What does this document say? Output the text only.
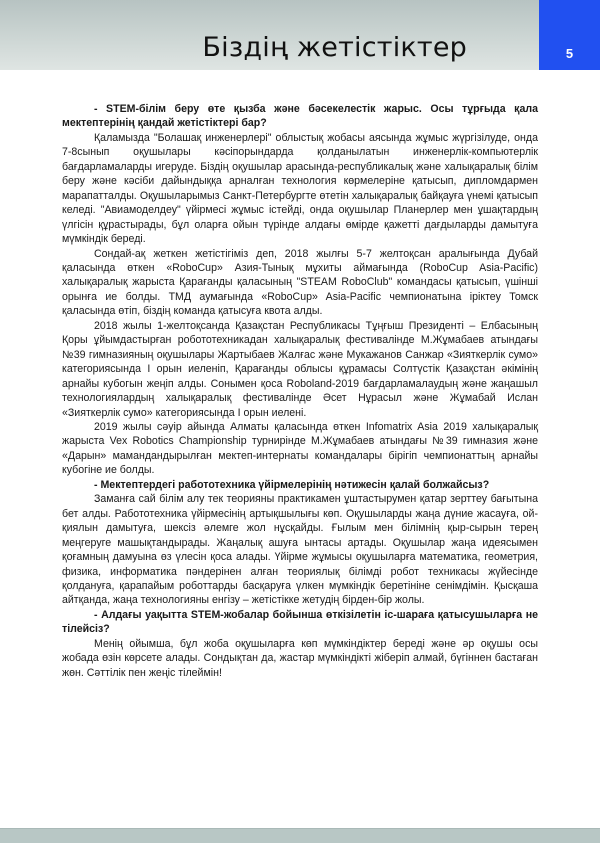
Біздің жетістіктер	5

- STEM-білім беру өте қызба және бәсекелестік жарыс. Осы тұрғыда қала мектептерінің қандай жетістіктері бар?

Қаламызда "Болашақ инженерлері" облыстық жобасы аясында жұмыс жүргізілуде, онда 7-8сынып оқушылары кәсіпорындарда қолданылатын инженерлік-компьютерлік бағдарламаларды игеруде. Біздің оқушылар арасында-республикалық және халықаралық білім беру және кәсіби дайындыққа арналған технология көрмелеріне қатысып, дипломдармен марапатталды. Оқушыларымыз Санкт-Петербургте өтетін халықаралық байқауға үнемі қатысып келеді. "Авиамоделдеу" үйірмесі жұмыс істейді, онда оқушылар Планерлер мен ұшақтардың үлгісін құрастырады, бұл оларға ойын түрінде алдағы өмірде қажетті дағдыларды дамытуға мүмкіндік береді.

Сондай-ақ жеткен жетістігіміз деп, 2018 жылғы 5-7 желтоқсан аралығында Дубай қаласында өткен «RoboCup» Азия-Тынық мұхиты аймағында (RoboCup Asia-Pacific) халықаралық жарыста Қарағанды қаласының "STEAM RoboClub" командасы қатысып, үшінші орынға ие болды. ТМД аумағында «RoboCup» Asia-Pacific чемпионатына іріктеу Томск қаласында өтіп, біздің команда қатысуға квота алды.

2018 жылы 1-желтоқсанда Қазақстан Республикасы Тұңғыш Президенті – Елбасының Қоры ұйымдастырған робототехникадан халықаралық фестивалінде М.Жұмабаев атындағы №39 гимназияның оқушылары Жартыбаев Жалғас және Мукажанов Санжар «Зияткерлік сумо» категориясында I орын иеленіп, Қарағанды облысы құрамасы Солтүстік Қазақстан әкімінің арнайы кубогын жеңіп алды. Сонымен қоса Roboland-2019 бағдарламалаудың және жаңашыл технологиялардың халықаралық фестивалінде Әсет Нұрасыл және Жұмабай Ислан «Зияткерлік сумо» категориясында I орын иелені.

2019 жылы сәуір айында Алматы қаласында өткен Infomatrix Asia 2019 халықаралық жарыста Vex Robotics Championship турнирінде М.Жұмабаев атындағы №39 гимназия және «Дарын» мамандандырылған мектеп-интернаты командалары бірігіп чемпионаттың арнайы кубогіне ие болды.

- Мектептердегі работотехника үйірмелерінің нәтижесін қалай болжайсыз?

Заманға сай білім алу тек теорияны практикамен ұштастырумен қатар зерттеу бағытына бет алды. Работотехника үйірмесінің артықшылығы көп. Оқушыларды жаңа дүние жасауға, ой-қиялын дамытуға, шексіз әлемге жол нұсқайды. Ғылым мен білімнің қыр-сырын терең меңгеруге машықтандырады. Жаңалық ашуға ынтасы артады. Оқушылар жаңа идеясымен қоғамның дамуына өз үлесін қоса алады. Үйірме жұмысы оқушыларға математика, геометрия, физика, информатика пәндерінен алған теориялық білімді робот техникасы жүйесінде қолдануға, қарапайым роботтарды басқаруға үлкен мүмкіндік беретініне сенімдімін. Қысқаша айтқанда, жаңа технологияны енгізу – жетістікке жетудің бірден-бір жолы.

- Алдағы уақытта STEM-жобалар бойынша өткізілетін іс-шараға қатысушыларға не тілейсіз?

Менің ойымша, бұл жоба оқушыларға көп мүмкіндіктер береді және әр оқушы осы жобада өзін көрсете алады. Сондықтан да, жастар мүмкіндікті жіберіп алмай, бүгіннен бастаған жөн. Сәттілік пен жеңіс тілеймін!
